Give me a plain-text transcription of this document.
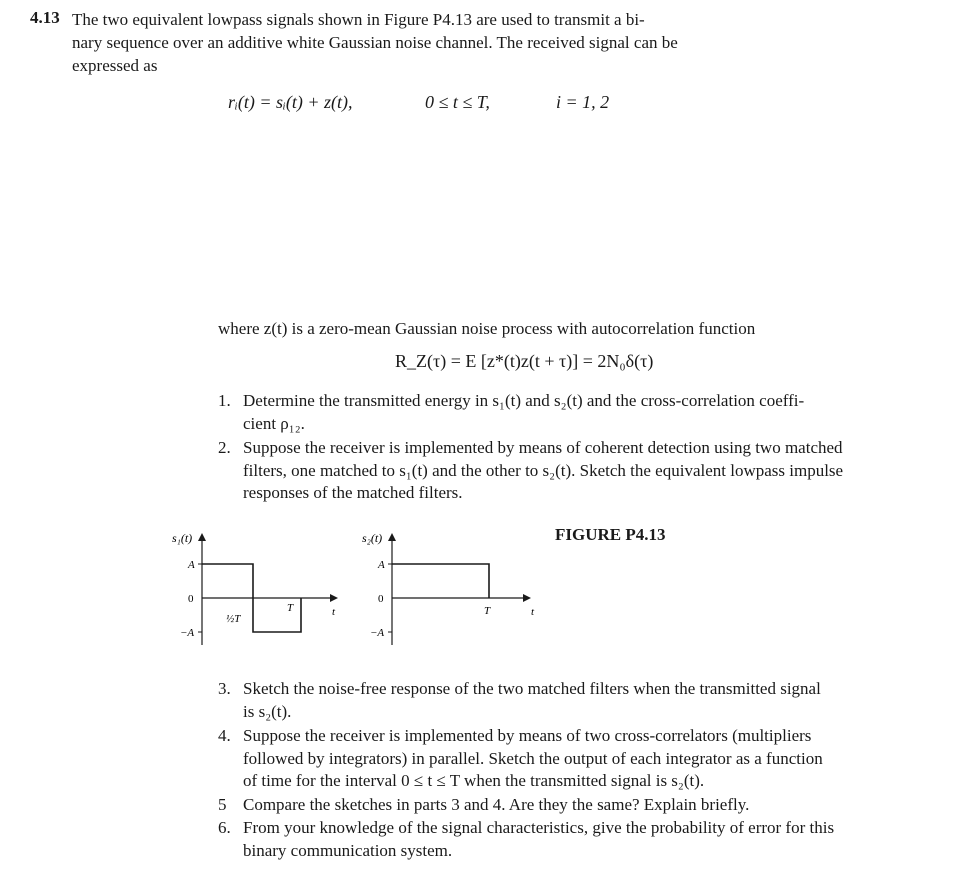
4.13 The two equivalent lowpass signals shown in Figure P4.13 are used to transmit a bi-
nary sequence over an additive white Gaussian noise channel. The received signal can be
expressed as
rᵢ(t) = sᵢ(t) + z(t),	0 ≤ t ≤ T,	i = 1, 2
where z(t) is a zero-mean Gaussian noise process with autocorrelation function
R_Z(τ) = E [z*(t)z(t + τ)] = 2N₀δ(τ)
1. Determine the transmitted energy in s₁(t) and s₂(t) and the cross-correlation coeffi-
cient ρ₁₂.
2. Suppose the receiver is implemented by means of coherent detection using two matched
filters, one matched to s₁(t) and the other to s₂(t). Sketch the equivalent lowpass impulse
responses of the matched filters.
FIGURE P4.13
s₁(t)
A
0
−A
½T
T	t
s₂(t)
A
0
−A
T	t
3. Sketch the noise-free response of the two matched filters when the transmitted signal
is s₂(t).
4. Suppose the receiver is implemented by means of two cross-correlators (multipliers
followed by integrators) in parallel. Sketch the output of each integrator as a function
of time for the interval 0 ≤ t ≤ T when the transmitted signal is s₂(t).
5 Compare the sketches in parts 3 and 4. Are they the same? Explain briefly.
6. From your knowledge of the signal characteristics, give the probability of error for this
binary communication system.
